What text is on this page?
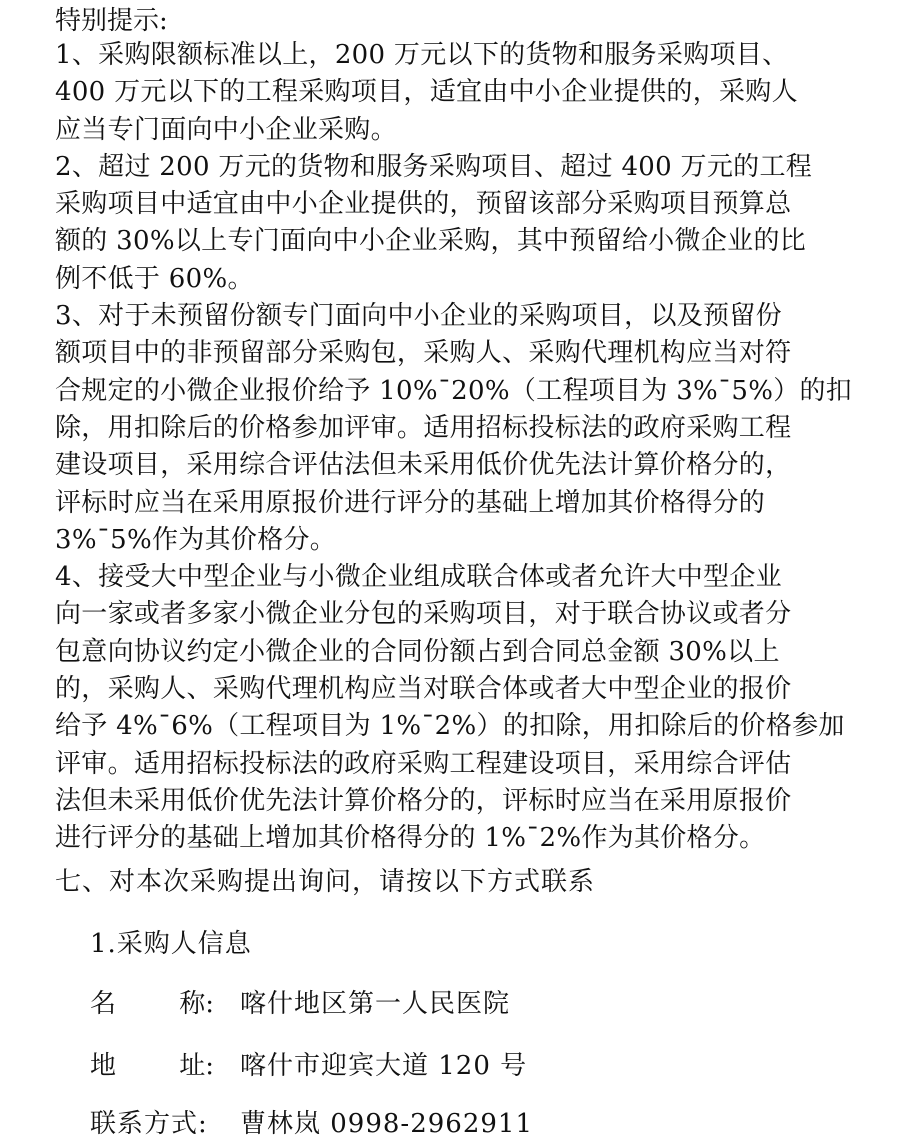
特别提示:
1、采购限额标准以上，200 万元以下的货物和服务采购项目、
400 万元以下的工程采购项目，适宜由中小企业提供的，采购人
应当专门面向中小企业采购。
2、超过 200 万元的货物和服务采购项目、超过 400 万元的工程
采购项目中适宜由中小企业提供的，预留该部分采购项目预算总
额的 30%以上专门面向中小企业采购，其中预留给小微企业的比
例不低于 60%。
3、对于未预留份额专门面向中小企业的采购项目，以及预留份
额项目中的非预留部分采购包，采购人、采购代理机构应当对符
合规定的小微企业报价给予 10%¯20%（工程项目为 3%¯5%）的扣
除，用扣除后的价格参加评审。适用招标投标法的政府采购工程
建设项目，采用综合评估法但未采用低价优先法计算价格分的，
评标时应当在采用原报价进行评分的基础上增加其价格得分的
3%¯5%作为其价格分。
4、接受大中型企业与小微企业组成联合体或者允许大中型企业
向一家或者多家小微企业分包的采购项目，对于联合协议或者分
包意向协议约定小微企业的合同份额占到合同总金额 30%以上
的，采购人、采购代理机构应当对联合体或者大中型企业的报价
给予 4%¯6%（工程项目为 1%¯2%）的扣除，用扣除后的价格参加
评审。适用招标投标法的政府采购工程建设项目，采用综合评估
法但未采用低价优先法计算价格分的，评标时应当在采用原报价
进行评分的基础上增加其价格得分的 1%¯2%作为其价格分。
七、对本次采购提出询问，请按以下方式联系
1.采购人信息
名 称: 喀什地区第一人民医院
地 址: 喀什市迎宾大道 120 号
联系方式:	曹林岚 0998-2962911
